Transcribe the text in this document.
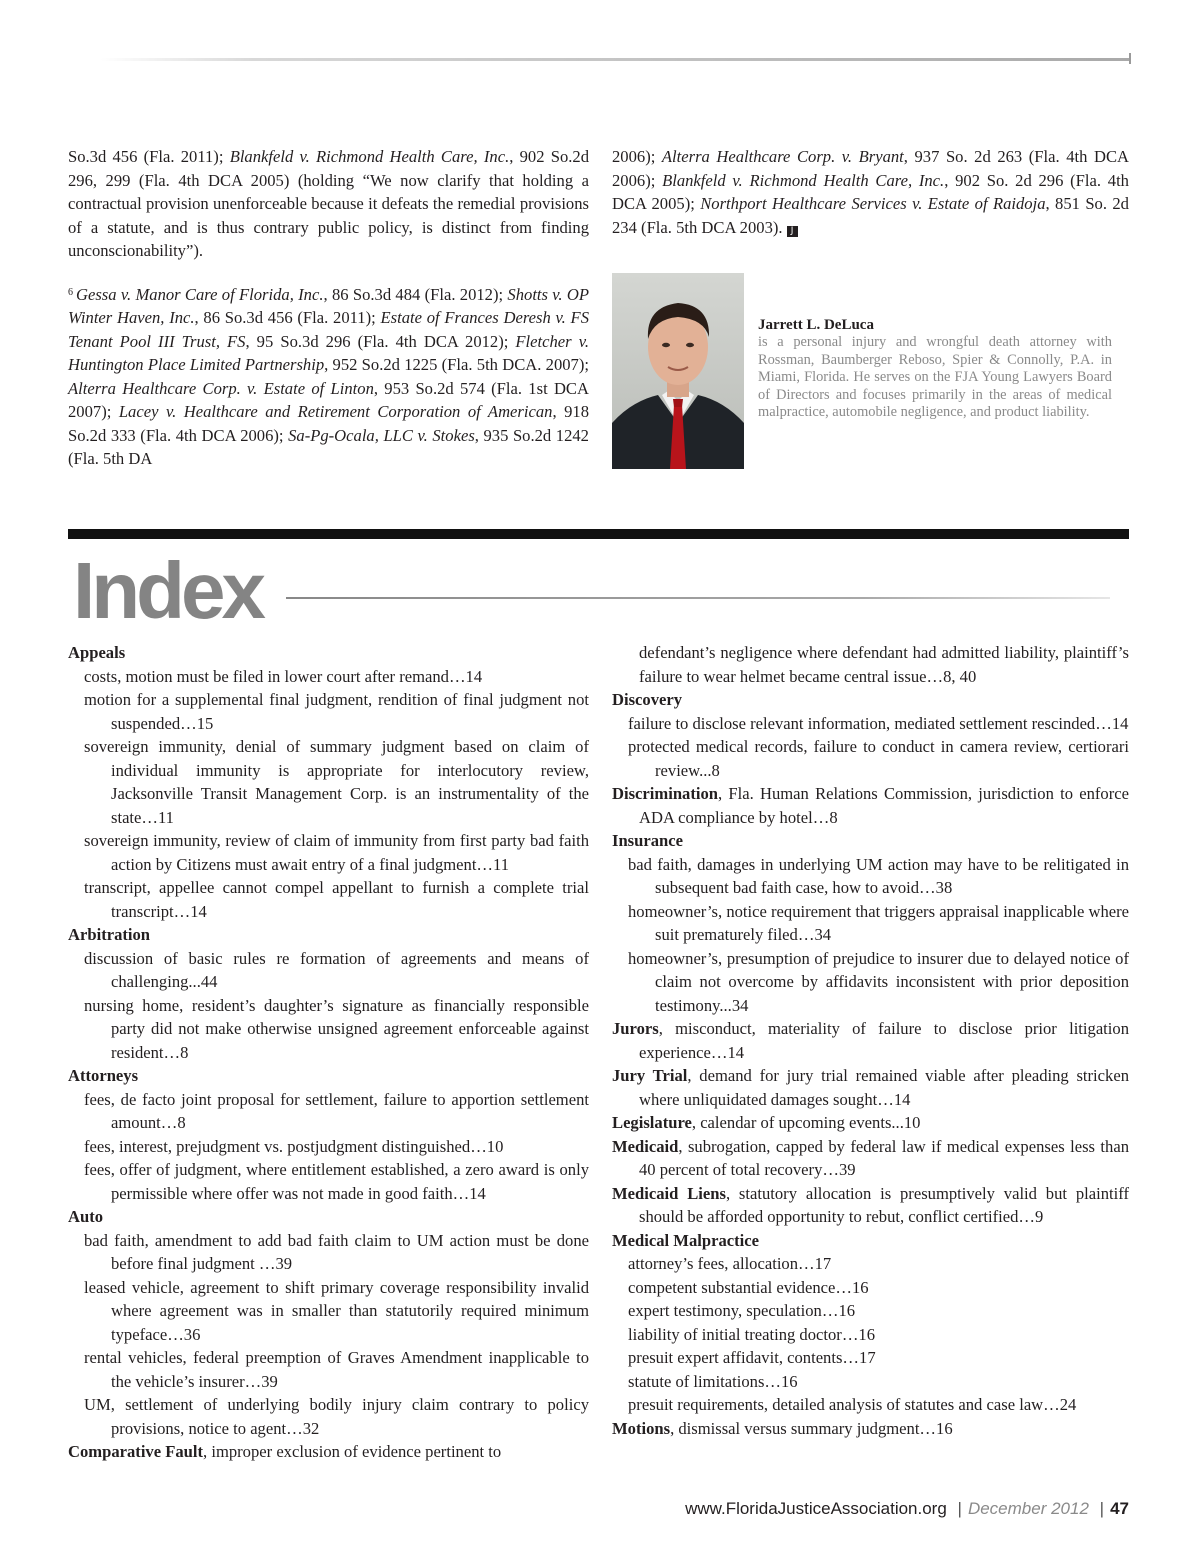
So.3d 456 (Fla. 2011); Blankfeld v. Richmond Health Care, Inc., 902 So.2d 296, 299 (Fla. 4th DCA 2005) (holding “We now clarify that holding a contractual provision unenforceable because it defeats the remedial provisions of a statute, and is thus contrary public policy, is distinct from finding unconscionability”).

$^6$ Gessa v. Manor Care of Florida, Inc., 86 So.3d 484 (Fla. 2012); Shotts v. OP Winter Haven, Inc., 86 So.3d 456 (Fla. 2011); Estate of Frances Deresh v. FS Tenant Pool III Trust, FS, 95 So.3d 296 (Fla. 4th DCA 2012); Fletcher v. Huntington Place Limited Partnership, 952 So.2d 1225 (Fla. 5th DCA. 2007); Alterra Healthcare Corp. v. Estate of Linton, 953 So.2d 574 (Fla. 1st DCA 2007); Lacey v. Healthcare and Retirement Corporation of American, 918 So.2d 333 (Fla. 4th DCA 2006); Sa-Pg-Ocala, LLC v. Stokes, 935 So.2d 1242 (Fla. 5th DA

2006); Alterra Healthcare Corp. v. Bryant, 937 So. 2d 263 (Fla. 4th DCA 2006); Blankfeld v. Richmond Health Care, Inc., 902 So. 2d 296 (Fla. 4th DCA 2005); Northport Healthcare Services v. Estate of Raidoja, 851 So. 2d 234 (Fla. 5th DCA 2003). J

Jarrett L. DeLuca

is a personal injury and wrongful death attorney with Rossman, Baumberger Reboso, Spier & Connolly, P.A. in Miami, Florida. He serves on the FJA Young Lawyers Board of Directors and focuses primarily in the areas of medical malpractice, automobile negligence, and product liability.

Index

Appeals

costs, motion must be filed in lower court after remand…14

motion for a supplemental final judgment, rendition of final judgment not suspended…15

sovereign immunity, denial of summary judgment based on claim of individual immunity is appropriate for interlocutory review, Jacksonville Transit Management Corp. is an instrumentality of the state…11

sovereign immunity, review of claim of immunity from first party bad faith action by Citizens must await entry of a final judgment…11

transcript, appellee cannot compel appellant to furnish a complete trial transcript…14

Arbitration

discussion of basic rules re formation of agreements and means of challenging...44

nursing home, resident’s daughter’s signature as financially responsible party did not make otherwise unsigned agreement enforceable against resident…8

Attorneys

fees, de facto joint proposal for settlement, failure to apportion settlement amount…8

fees, interest, prejudgment vs. postjudgment distinguished…10

fees, offer of judgment, where entitlement established, a zero award is only permissible where offer was not made in good faith…14

Auto

bad faith, amendment to add bad faith claim to UM action must be done before final judgment …39

leased vehicle, agreement to shift primary coverage responsibility invalid where agreement was in smaller than statutorily required minimum typeface…36

rental vehicles, federal preemption of Graves Amendment inapplicable to the vehicle’s insurer…39

UM, settlement of underlying bodily injury claim contrary to policy provisions, notice to agent…32

Comparative Fault, improper exclusion of evidence pertinent to

defendant’s negligence where defendant had admitted liability, plaintiff’s failure to wear helmet became central issue…8, 40

Discovery

failure to disclose relevant information, mediated settlement rescinded…14

protected medical records, failure to conduct in camera review, certiorari review...8

Discrimination, Fla. Human Relations Commission, jurisdiction to enforce ADA compliance by hotel…8

Insurance

bad faith, damages in underlying UM action may have to be relitigated in subsequent bad faith case, how to avoid…38

homeowner’s, notice requirement that triggers appraisal inapplicable where suit prematurely filed…34

homeowner’s, presumption of prejudice to insurer due to delayed notice of claim not overcome by affidavits inconsistent with prior deposition testimony...34

Jurors, misconduct, materiality of failure to disclose prior litigation experience…14

Jury Trial, demand for jury trial remained viable after pleading stricken where unliquidated damages sought…14

Legislature, calendar of upcoming events...10

Medicaid, subrogation, capped by federal law if medical expenses less than 40 percent of total recovery…39

Medicaid Liens, statutory allocation is presumptively valid but plaintiff should be afforded opportunity to rebut, conflict certified…9

Medical Malpractice

attorney’s fees, allocation…17

competent substantial evidence…16

expert testimony, speculation…16

liability of initial treating doctor…16

presuit expert affidavit, contents…17

statute of limitations…16

presuit requirements, detailed analysis of statutes and case law…24

Motions, dismissal versus summary judgment…16

www.FloridaJusticeAssociation.org | December 2012 | 47
